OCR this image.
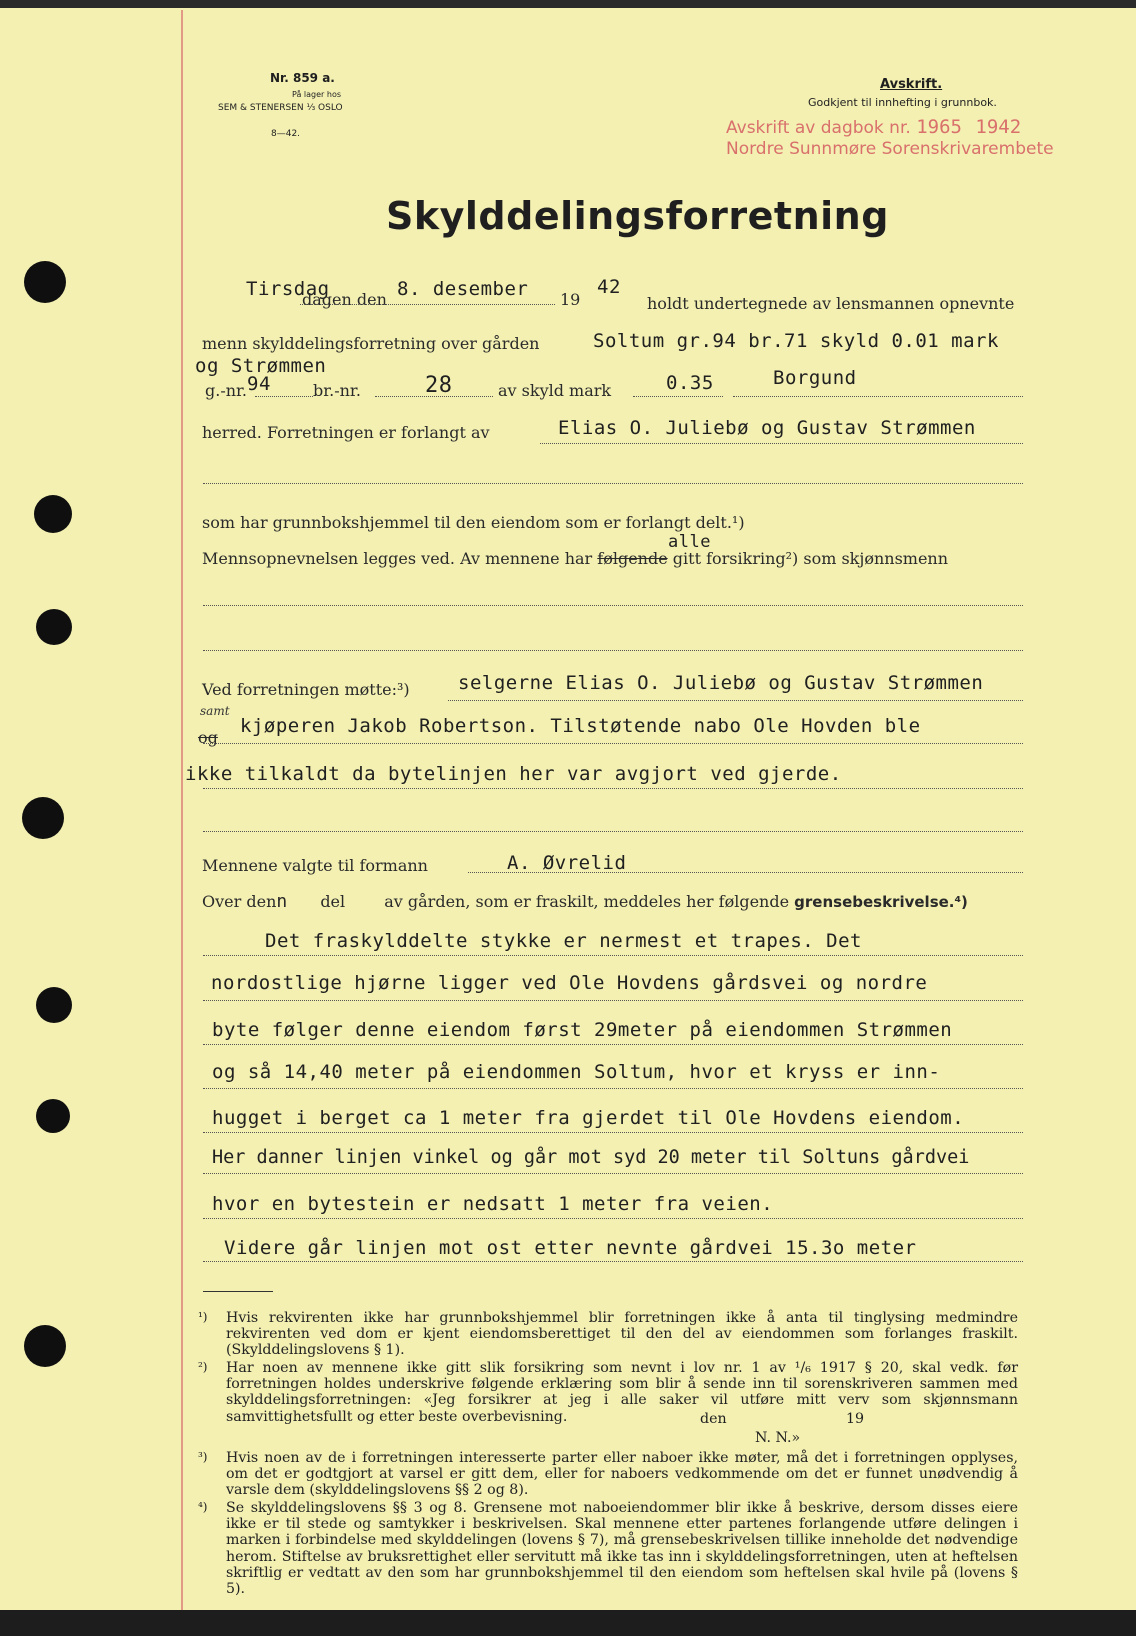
Nr. 859 a.
På lager hos
SEM & STENERSEN ⅓ OSLO
8—42.
Avskrift.
Godkjent til innhefting i grunnbok.
Avskrift av dagbok nr. 1965 1942
Nordre Sunnmøre Sorenskrivarembete
Skylddelingsforretning
Tirsdag
dagen den 8. desember 19
42
holdt undertegnede av lensmannen opnevnte
menn skylddelingsforretning over gården	Soltum gr.94 br.71 skyld 0.01 mark
og Strømmen
g.-nr. 94	br.-nr.	28	av skyld mark	0.35	Borgund
herred. Forretningen er forlangt av	Elias O. Juliebø og Gustav Strømmen
som har grunnbokshjemmel til den eiendom som er forlangt delt.¹)
Mennsopnevnelsen legges ved. Av mennene har følgende gitt forsikring²) som skjønnsmenn
alle
Ved forretningen møtte:³)	selgerne Elias O. Juliebø og Gustav Strømmen
og
samt
kjøperen Jakob Robertson. Tilstøtende nabo Ole Hovden ble
ikke tilkaldt da bytelinjen her var avgjort ved gjerde.
Mennene valgte til formann	A. Øvrelid
Over denn del av gården, som er fraskilt, meddeles her følgende grensebeskrivelse.⁴)
Det fraskylddelte stykke er nermest et trapes. Det
nordostlige hjørne ligger ved Ole Hovdens gårdsvei og nordre
byte følger denne eiendom først 29meter på eiendommen Strømmen
og så 14,40 meter på eiendommen Soltum, hvor et kryss er inn-
hugget i berget ca 1 meter fra gjerdet til Ole Hovdens eiendom.
Her danner linjen vinkel og går mot syd 20 meter til Soltuns gårdvei
hvor en bytestein er nedsatt 1 meter fra veien.
Videre går linjen mot ost etter nevnte gårdvei 15.3o meter
¹) Hvis rekvirenten ikke har grunnbokshjemmel blir forretningen ikke å anta til tinglysing medmindre rekvirenten ved dom er kjent eiendomsberettiget til den del av eiendommen som forlanges fraskilt. (Skylddelingslovens § 1).
²) Har noen av mennene ikke gitt slik forsikring som nevnt i lov nr. 1 av ¹/₆ 1917 § 20, skal vedk. før forretningen holdes underskrive følgende erklæring som blir å sende inn til sorenskriveren sammen med skylddelingsforretningen: «Jeg forsikrer at jeg i alle saker vil utføre mitt verv som skjønnsmann samvittighetsfullt og etter beste overbevisning.	den	19
N. N.»
³) Hvis noen av de i forretningen interesserte parter eller naboer ikke møter, må det i forretningen opplyses, om det er godtgjort at varsel er gitt dem, eller for naboers vedkommende om det er funnet unødvendig å varsle dem (skylddelingslovens §§ 2 og 8).
⁴) Se skylddelingslovens §§ 3 og 8. Grensene mot naboeiendommer blir ikke å beskrive, dersom disses eiere ikke er til stede og samtykker i beskrivelsen. Skal mennene etter partenes forlangende utføre delingen i marken i forbindelse med skylddelingen (lovens § 7), må grensebeskrivelsen tillike inneholde det nødvendige herom. Stiftelse av bruksrettighet eller servitutt må ikke tas inn i skylddelingsforretningen, uten at heftelsen skriftlig er vedtatt av den som har grunnbokshjemmel til den eiendom som heftelsen skal hvile på (lovens § 5).
